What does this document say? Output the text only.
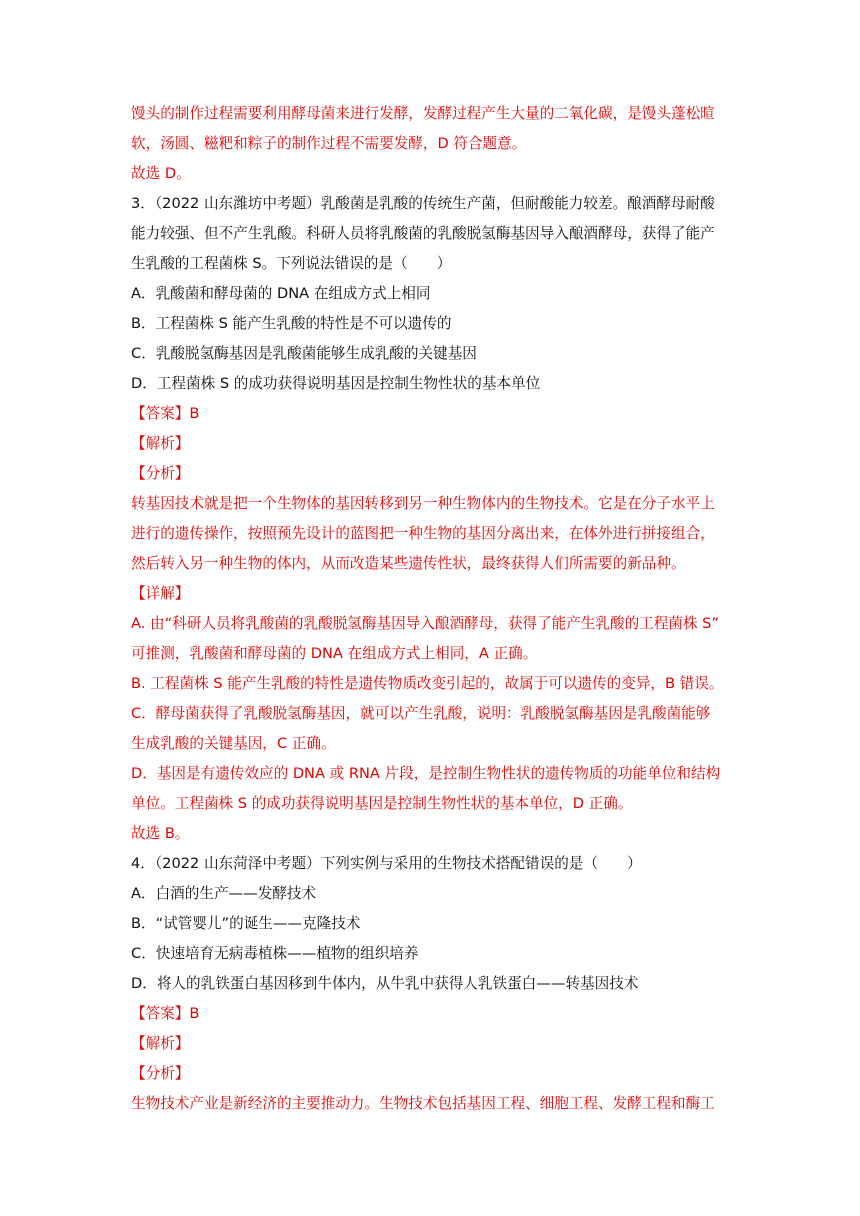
馒头的制作过程需要利用酵母菌来进行发酵，发酵过程产生大量的二氧化碳，是馒头蓬松暄
软，汤圆、糍粑和粽子的制作过程不需要发酵，D 符合题意。
故选 D。
3．（2022 山东潍坊中考题）乳酸菌是乳酸的传统生产菌，但耐酸能力较差。酿酒酵母耐酸
能力较强、但不产生乳酸。科研人员将乳酸菌的乳酸脱氢酶基因导入酿酒酵母，获得了能产
生乳酸的工程菌株 S。下列说法错误的是（　　）
A．乳酸菌和酵母菌的 DNA 在组成方式上相同
B．工程菌株 S 能产生乳酸的特性是不可以遗传的
C．乳酸脱氢酶基因是乳酸菌能够生成乳酸的关键基因
D．工程菌株 S 的成功获得说明基因是控制生物性状的基本单位
【答案】B
【解析】
【分析】
转基因技术就是把一个生物体的基因转移到另一种生物体内的生物技术。它是在分子水平上
进行的遗传操作，按照预先设计的蓝图把一种生物的基因分离出来，在体外进行拼接组合，
然后转入另一种生物的体内，从而改造某些遗传性状，最终获得人们所需要的新品种。
【详解】
A. 由“科研人员将乳酸菌的乳酸脱氢酶基因导入酿酒酵母，获得了能产生乳酸的工程菌株 S”
可推测，乳酸菌和酵母菌的 DNA 在组成方式上相同，A 正确。
B. 工程菌株 S 能产生乳酸的特性是遗传物质改变引起的，故属于可以遗传的变异，B 错误。
C．酵母菌获得了乳酸脱氢酶基因，就可以产生乳酸，说明：乳酸脱氢酶基因是乳酸菌能够
生成乳酸的关键基因，C 正确。
D．基因是有遗传效应的 DNA 或 RNA 片段，是控制生物性状的遗传物质的功能单位和结构
单位。工程菌株 S 的成功获得说明基因是控制生物性状的基本单位，D 正确。
故选 B。
4．（2022 山东菏泽中考题）下列实例与采用的生物技术搭配错误的是（　　）
A．白酒的生产——发酵技术
B．“试管婴儿”的诞生——克隆技术
C．快速培育无病毒植株——植物的组织培养
D．将人的乳铁蛋白基因移到牛体内，从牛乳中获得人乳铁蛋白——转基因技术
【答案】B
【解析】
【分析】
生物技术产业是新经济的主要推动力。生物技术包括基因工程、细胞工程、发酵工程和酶工
